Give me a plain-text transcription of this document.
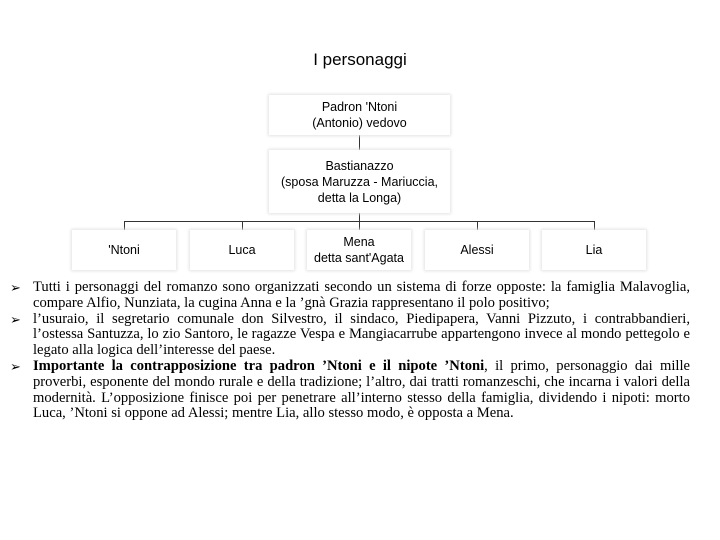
I personaggi
Padron 'Ntoni
(Antonio) vedovo
Bastianazzo
(sposa Maruzza - Mariuccia,
detta la Longa)
'Ntoni	Luca
Mena
detta sant'Agata
Alessi	Lia
➢ Tutti i personaggi del romanzo sono organizzati secondo un sistema di forze opposte: la famiglia Malavoglia, compare Alfio, Nunziata, la cugina Anna e la ’gnà Grazia rappresentano il polo positivo;
➢ l’usuraio, il segretario comunale don Silvestro, il sindaco, Piedipapera, Vanni Pizzuto, i contrabbandieri, l’ostessa Santuzza, lo zio Santoro, le ragazze Vespa e Mangiacarrube appartengono invece al mondo pettegolo e legato alla logica dell’interesse del paese.
➢ Importante la contrapposizione tra padron ’Ntoni e il nipote ’Ntoni, il primo, personaggio dai mille proverbi, esponente del mondo rurale e della tradizione; l’altro, dai tratti romanzeschi, che incarna i valori della modernità. L’opposizione finisce poi per penetrare all’interno stesso della famiglia, dividendo i nipoti: morto Luca, ’Ntoni si oppone ad Alessi; mentre Lia, allo stesso modo, è opposta a Mena.
